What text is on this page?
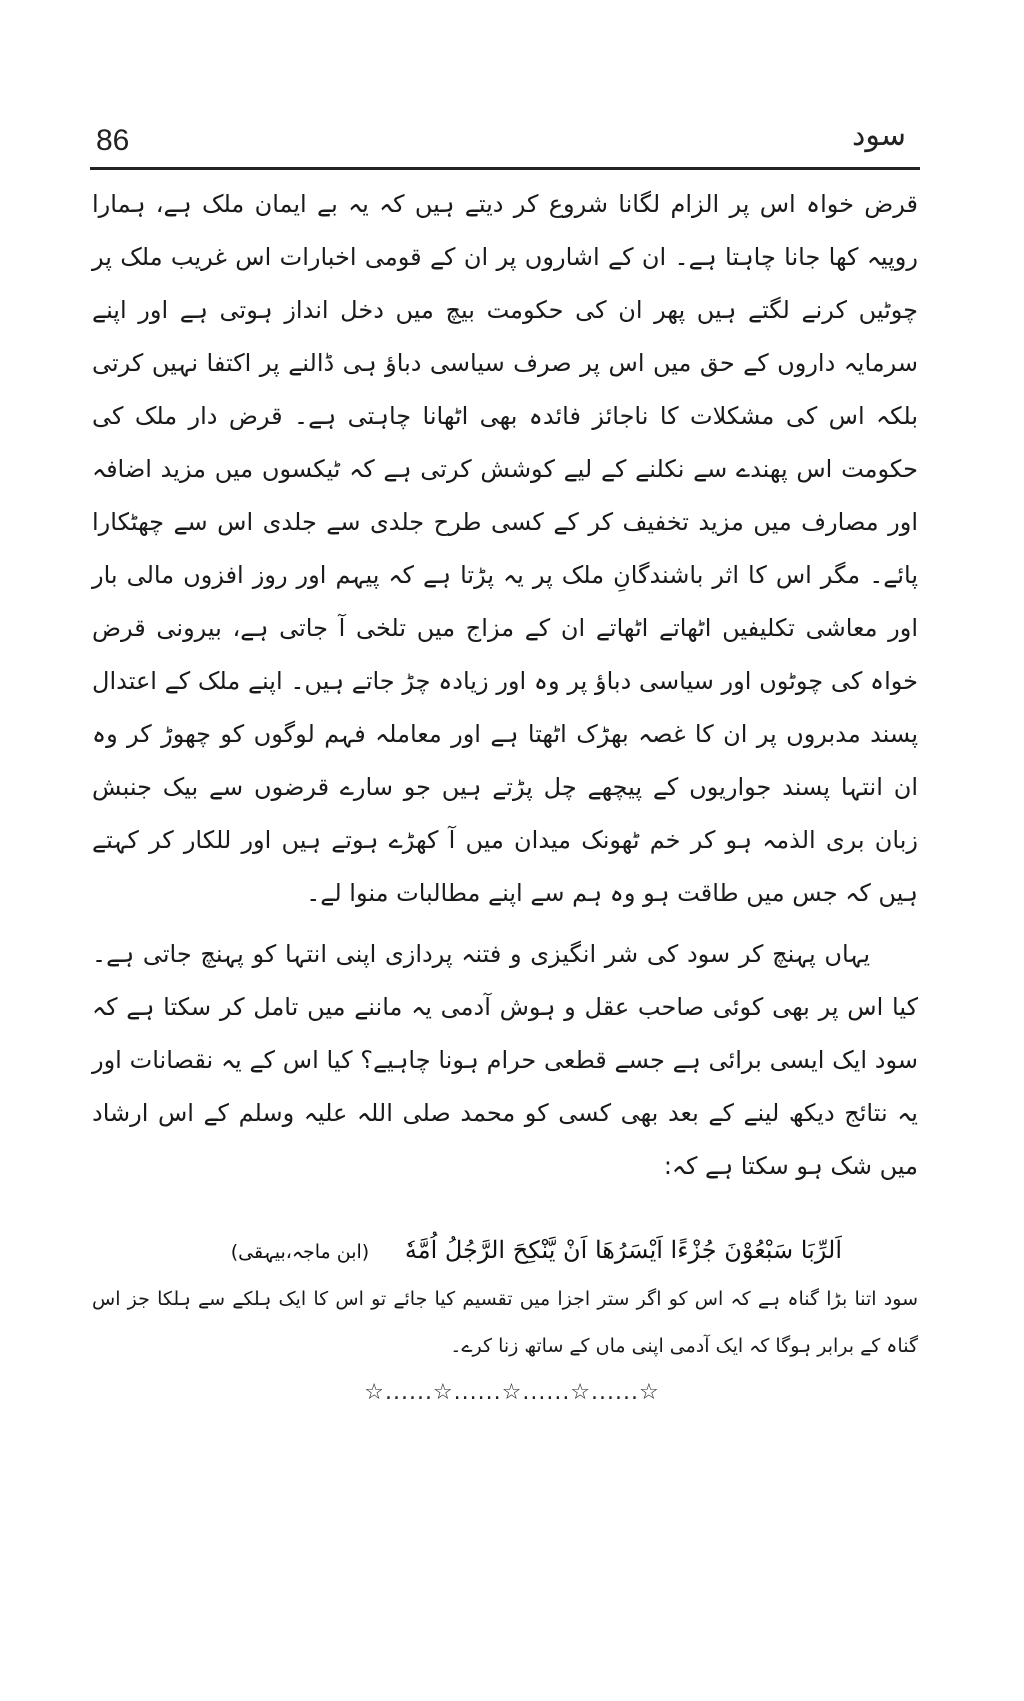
86	سود

قرض خواہ اس پر الزام لگانا شروع کر دیتے ہیں کہ یہ بے ایمان ملک ہے، ہمارا روپیہ کھا جانا چاہتا ہے۔ ان کے اشاروں پر ان کے قومی اخبارات اس غریب ملک پر چوٹیں کرنے لگتے ہیں پھر ان کی حکومت بیچ میں دخل انداز ہوتی ہے اور اپنے سرمایہ داروں کے حق میں اس پر صرف سیاسی دباؤ ہی ڈالنے پر اکتفا نہیں کرتی بلکہ اس کی مشکلات کا ناجائز فائدہ بھی اٹھانا چاہتی ہے۔ قرض دار ملک کی حکومت اس پھندے سے نکلنے کے لیے کوشش کرتی ہے کہ ٹیکسوں میں مزید اضافہ اور مصارف میں مزید تخفیف کر کے کسی طرح جلدی سے جلدی اس سے چھٹکارا پائے۔ مگر اس کا اثر باشندگانِ ملک پر یہ پڑتا ہے کہ پیہم اور روز افزوں مالی بار اور معاشی تکلیفیں اٹھاتے اٹھاتے ان کے مزاج میں تلخی آ جاتی ہے، بیرونی قرض خواہ کی چوٹوں اور سیاسی دباؤ پر وہ اور زیادہ چڑ جاتے ہیں۔ اپنے ملک کے اعتدال پسند مدبروں پر ان کا غصہ بھڑک اٹھتا ہے اور معاملہ فہم لوگوں کو چھوڑ کر وہ ان انتہا پسند جواریوں کے پیچھے چل پڑتے ہیں جو سارے قرضوں سے بیک جنبش زبان بری الذمہ ہو کر خم ٹھونک میدان میں آ کھڑے ہوتے ہیں اور للکار کر کہتے ہیں کہ جس میں طاقت ہو وہ ہم سے اپنے مطالبات منوا لے۔

یہاں پہنچ کر سود کی شر انگیزی و فتنہ پردازی اپنی انتہا کو پہنچ جاتی ہے۔ کیا اس پر بھی کوئی صاحب عقل و ہوش آدمی یہ ماننے میں تامل کر سکتا ہے کہ سود ایک ایسی برائی ہے جسے قطعی حرام ہونا چاہیے؟ کیا اس کے یہ نقصانات اور یہ نتائج دیکھ لینے کے بعد بھی کسی کو محمد صلی اللہ علیہ وسلم کے اس ارشاد میں شک ہو سکتا ہے کہ:

اَلرِّبَا سَبْعُوْنَ جُزْءًا اَيْسَرُهَا اَنْ يَّنْكِحَ الرَّجُلُ اُمَّهٗ (ابن ماجہ،بیہقی)

سود اتنا بڑا گناہ ہے کہ اس کو اگر ستر اجزا میں تقسیم کیا جائے تو اس کا ایک ہلکے سے ہلکا جز اس گناہ کے برابر ہوگا کہ ایک آدمی اپنی ماں کے ساتھ زنا کرے۔

☆......☆......☆......☆......☆
